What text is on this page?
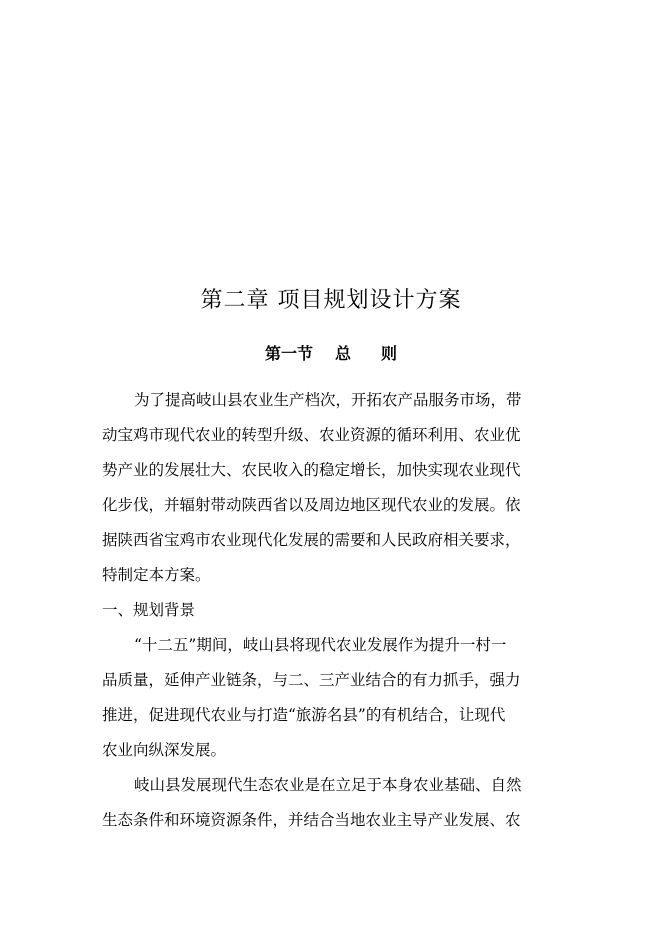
第二章 项目规划设计方案
第一节 总 则
为了提高岐山县农业生产档次，开拓农产品服务市场，带
动宝鸡市现代农业的转型升级、农业资源的循环利用、农业优
势产业的发展壮大、农民收入的稳定增长，加快实现农业现代
化步伐，并辐射带动陕西省以及周边地区现代农业的发展。依
据陕西省宝鸡市农业现代化发展的需要和人民政府相关要求，
特制定本方案。
一、规划背景
“十二五”期间，岐山县将现代农业发展作为提升一村一
品质量，延伸产业链条，与二、三产业结合的有力抓手，强力
推进，促进现代农业与打造“旅游名县”的有机结合，让现代
农业向纵深发展。
岐山县发展现代生态农业是在立足于本身农业基础、自然
生态条件和环境资源条件，并结合当地农业主导产业发展、农
